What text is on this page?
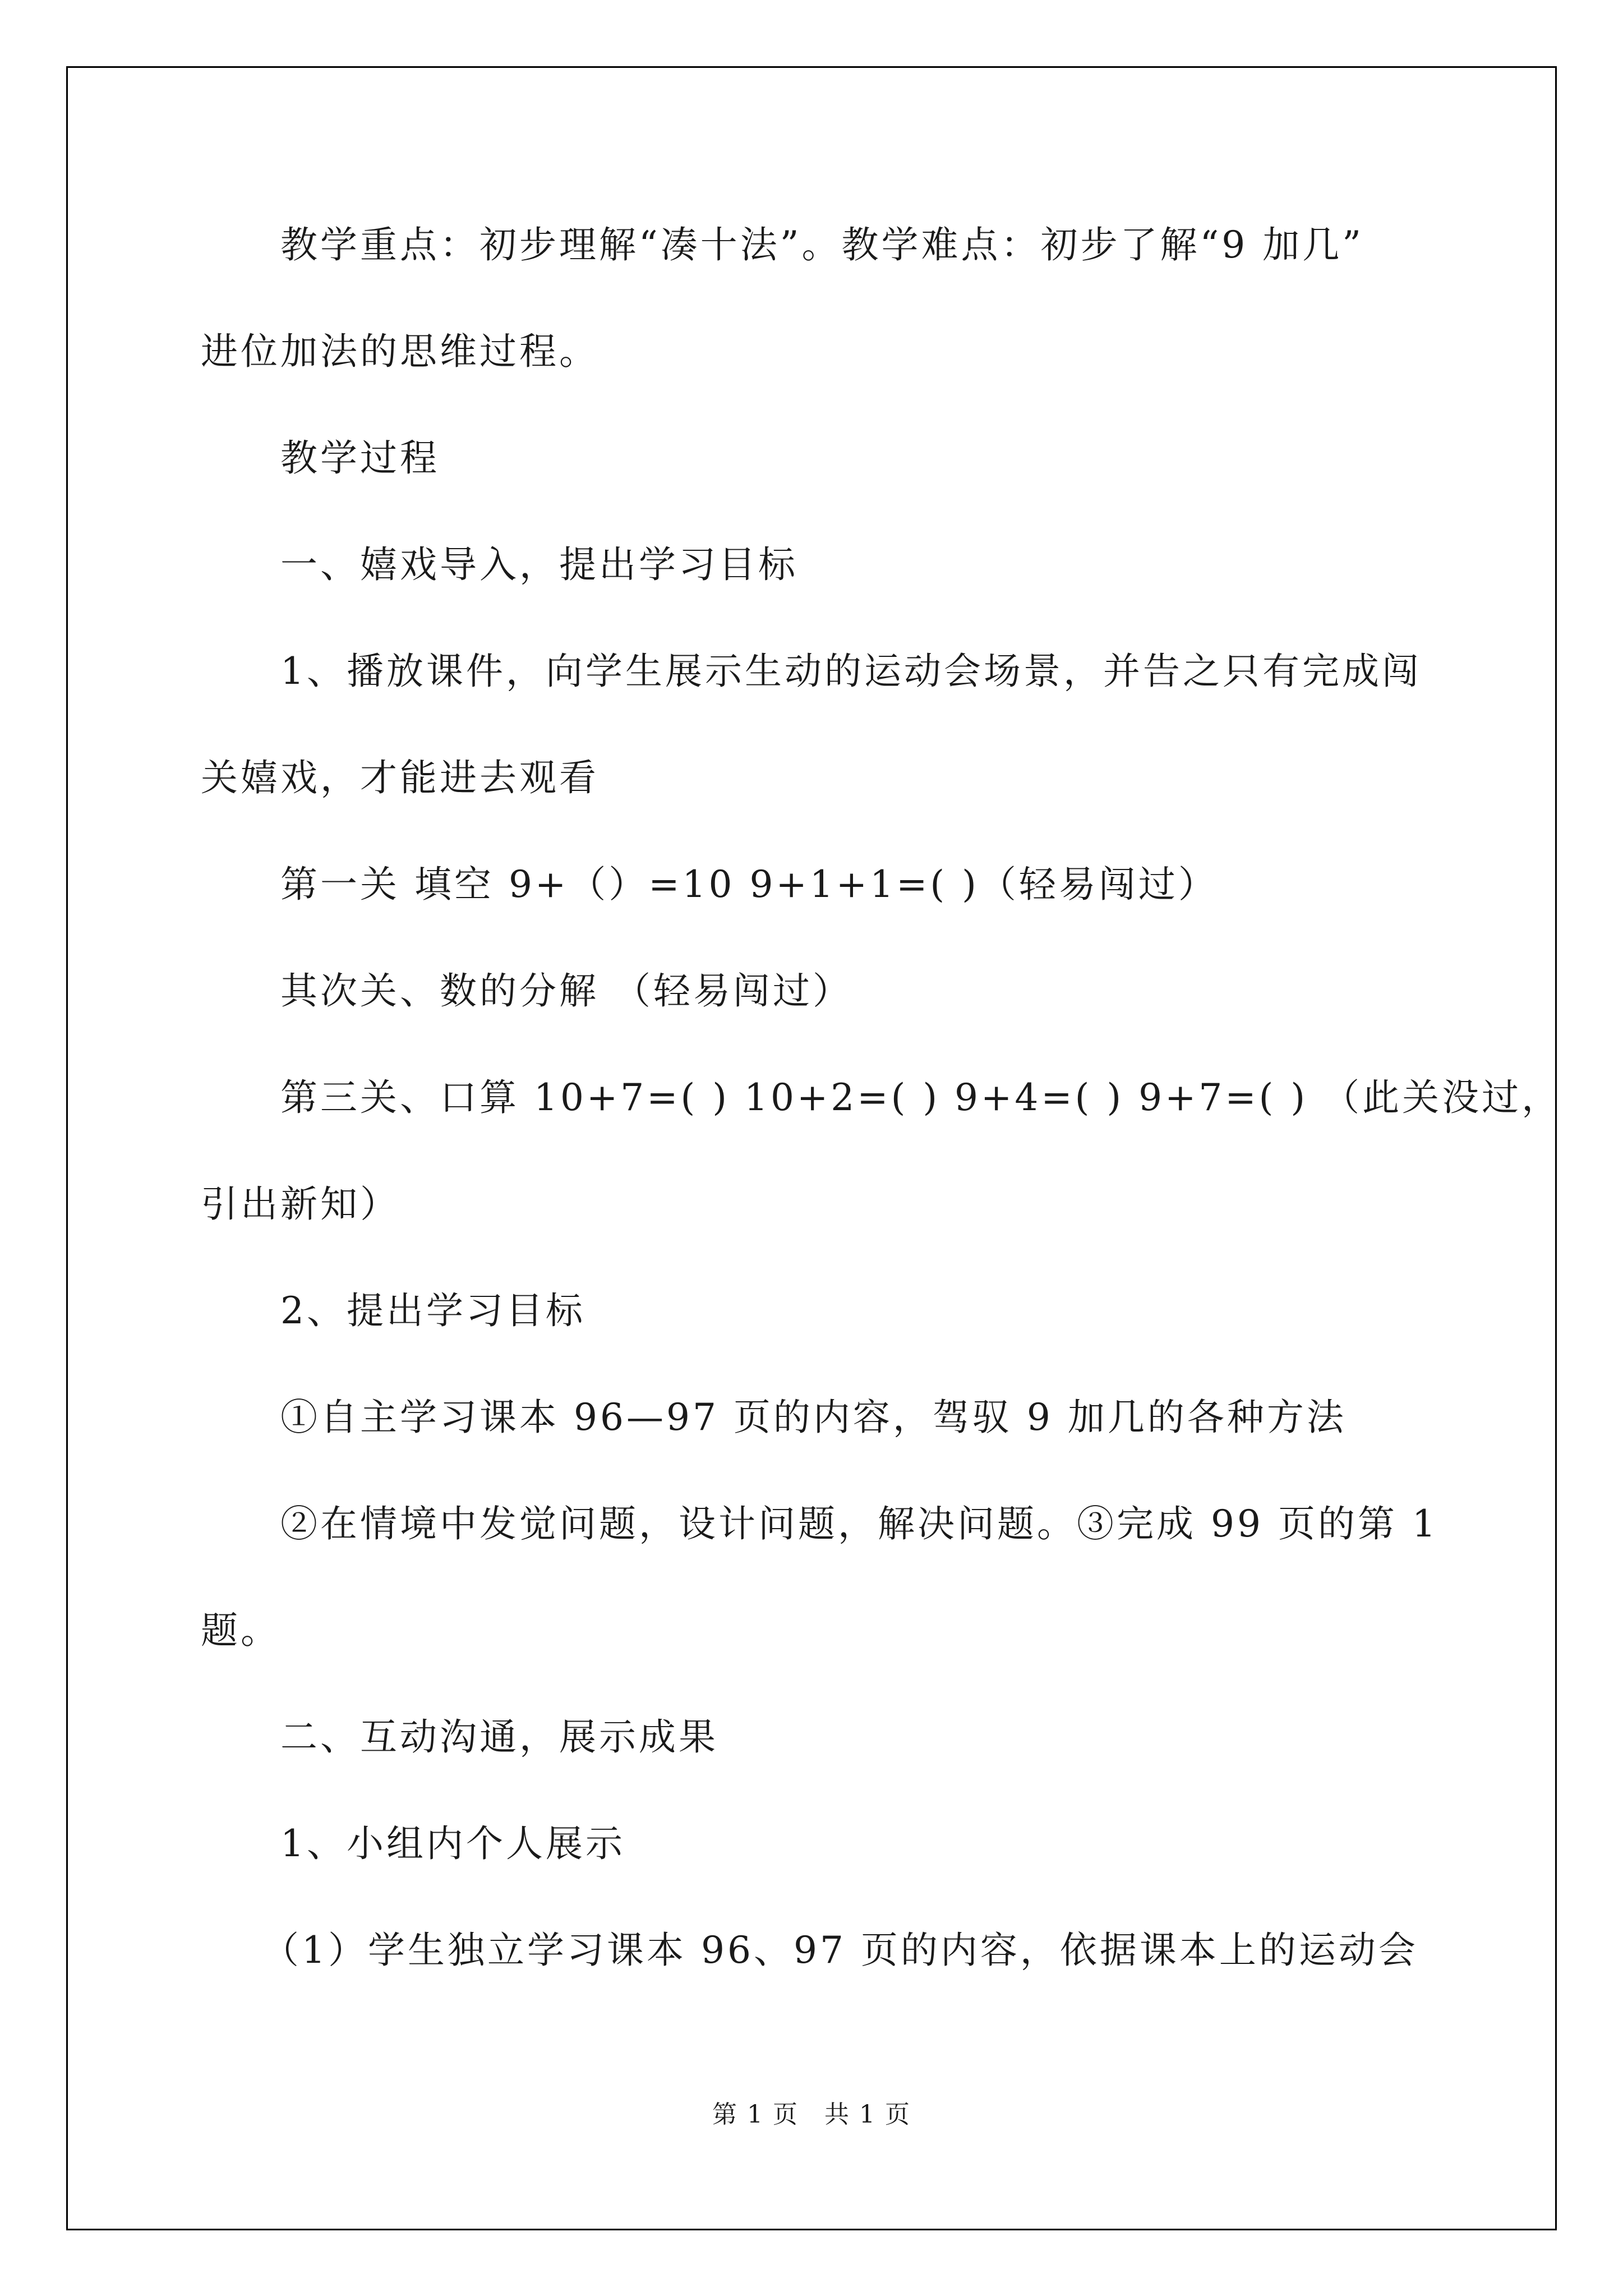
　　教学重点：初步理解“凑十法”。教学难点：初步了解“9 加几”
进位加法的思维过程。
　　教学过程
　　一、嬉戏导入，提出学习目标
　　1、播放课件，向学生展示生动的运动会场景，并告之只有完成闯
关嬉戏，才能进去观看
　　第一关 填空 9+（）=10 9+1+1=( )（轻易闯过）
　　其次关、数的分解 （轻易闯过）
　　第三关、口算 10+7=( ) 10+2=( ) 9+4=( ) 9+7=( ) （此关没过，
引出新知）
　　2、提出学习目标
　　①自主学习课本 96—97 页的内容，驾驭 9 加几的各种方法
　　②在情境中发觉问题，设计问题，解决问题。③完成 99 页的第 1
题。
　　二、互动沟通，展示成果
　　1、小组内个人展示
　　（1）学生独立学习课本 96、97 页的内容，依据课本上的运动会
第 1 页　共 1 页
